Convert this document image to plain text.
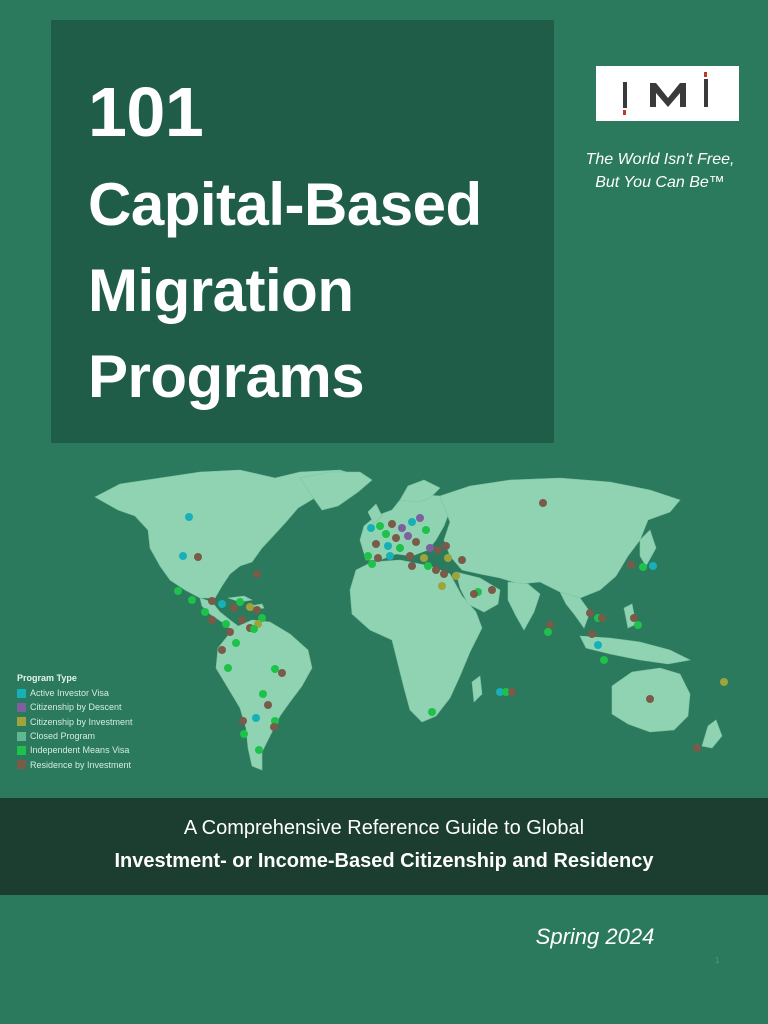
101
Capital-Based
Migration
Programs
The World Isn't Free,
But You Can Be™
Program Type
Active Investor Visa
Citizenship by Descent
Citizenship by Investment
Closed Program
Independent Means Visa
Residence by Investment
A Comprehensive Reference Guide to Global
Investment- or Income-Based Citizenship and Residency
Spring 2024
1
